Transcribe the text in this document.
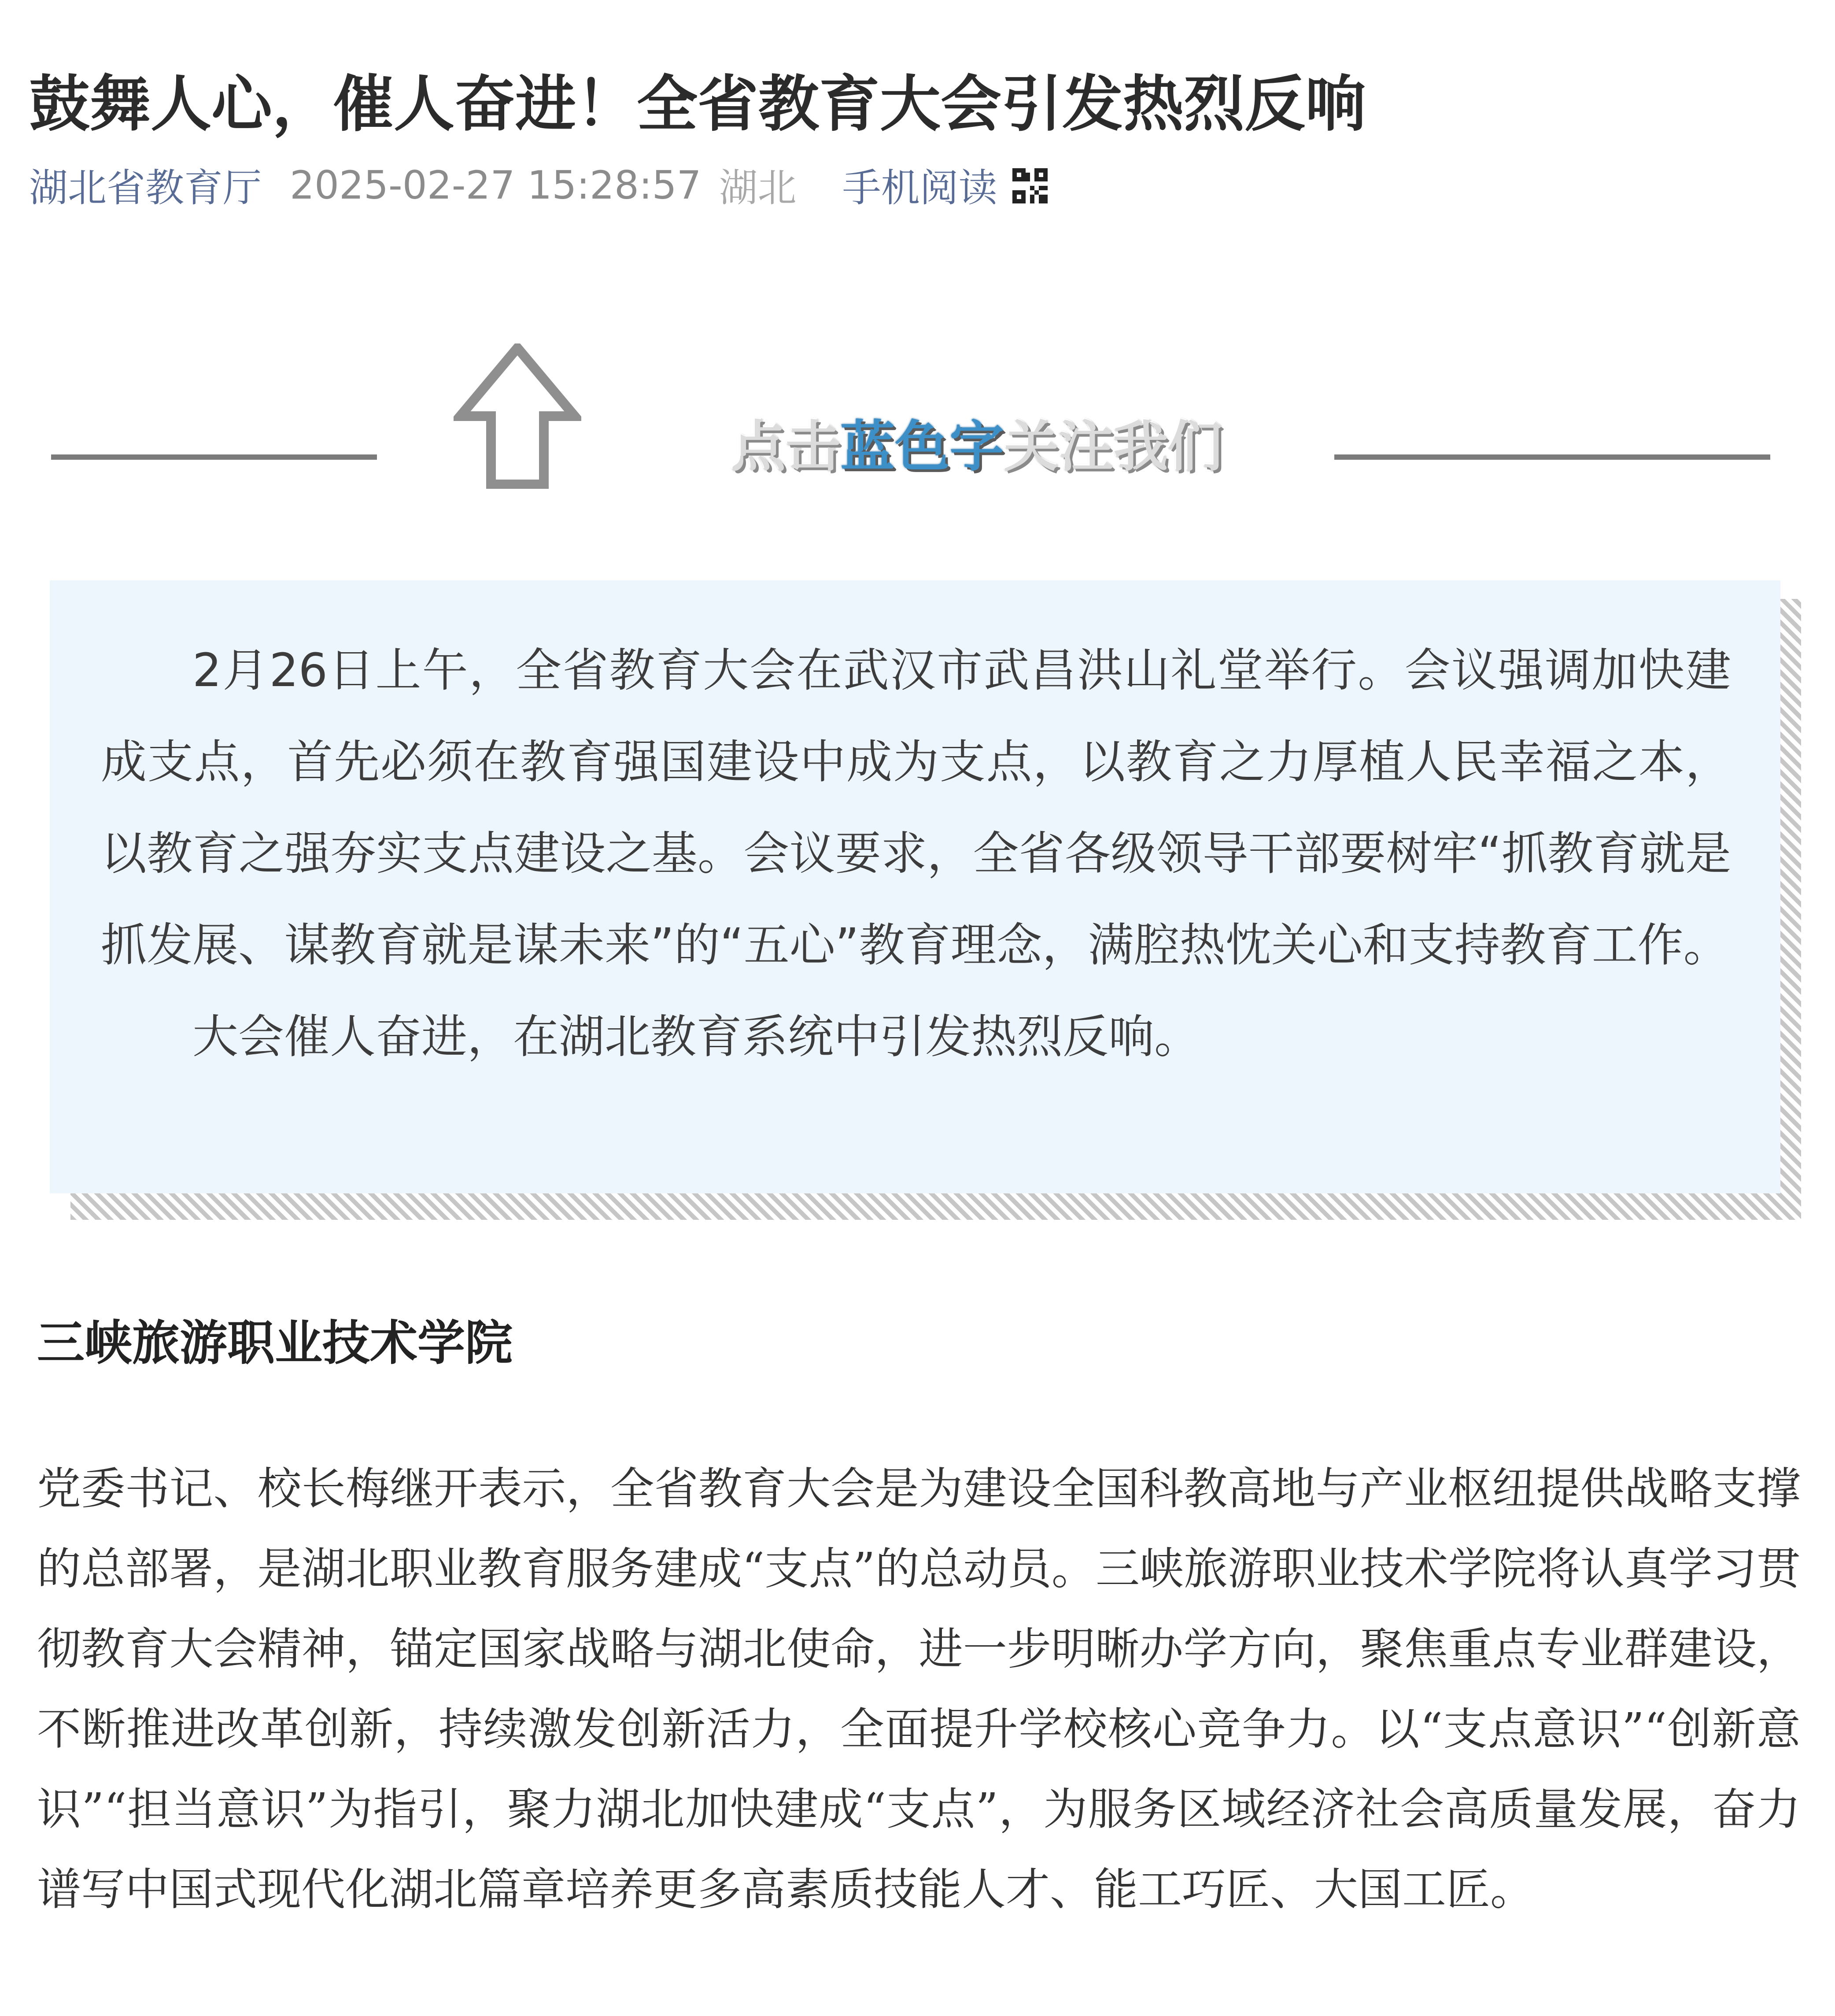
鼓舞人心，催人奋进！全省教育大会引发热烈反响
湖北省教育厅 2025-02-27 15:28:57 湖北 手机阅读
点击蓝色字关注我们

2月26日上午，全省教育大会在武汉市武昌洪山礼堂举行。会议强调加快建成支点，首先必须在教育强国建设中成为支点，以教育之力厚植人民幸福之本，以教育之强夯实支点建设之基。会议要求，全省各级领导干部要树牢“抓教育就是抓发展、谋教育就是谋未来”的“五心”教育理念，满腔热忱关心和支持教育工作。

大会催人奋进，在湖北教育系统中引发热烈反响。

三峡旅游职业技术学院

党委书记、校长梅继开表示，全省教育大会是为建设全国科教高地与产业枢纽提供战略支撑的总部署，是湖北职业教育服务建成“支点”的总动员。三峡旅游职业技术学院将认真学习贯彻教育大会精神，锚定国家战略与湖北使命，进一步明晰办学方向，聚焦重点专业群建设，不断推进改革创新，持续激发创新活力，全面提升学校核心竞争力。以“支点意识”“创新意识”“担当意识”为指引，聚力湖北加快建成“支点”，为服务区域经济社会高质量发展，奋力谱写中国式现代化湖北篇章培养更多高素质技能人才、能工巧匠、大国工匠。
